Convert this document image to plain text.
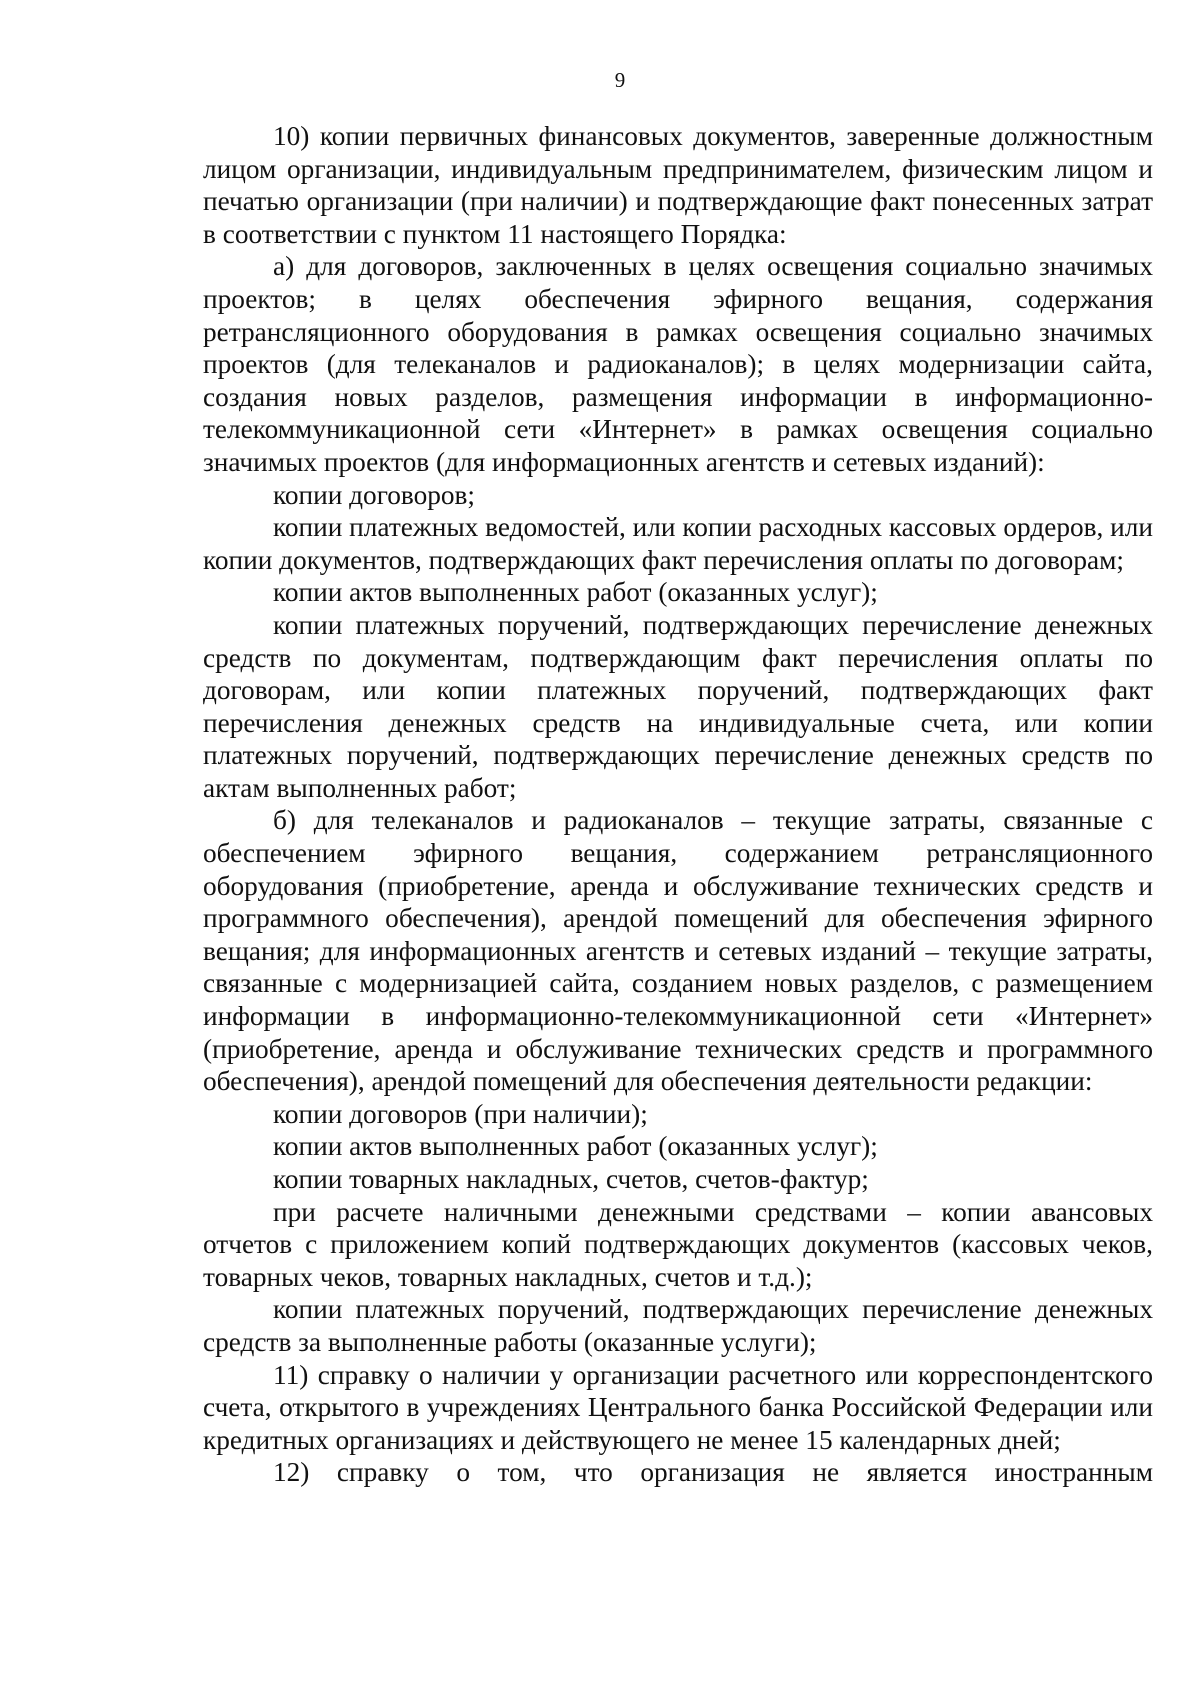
9

10) копии первичных финансовых документов, заверенные должностным лицом организации, индивидуальным предпринимателем, физическим лицом и печатью организации (при наличии) и подтверждающие факт понесенных затрат в соответствии с пунктом 11 настоящего Порядка:

а) для договоров, заключенных в целях освещения социально значимых проектов; в целях обеспечения эфирного вещания, содержания ретрансляционного оборудования в рамках освещения социально значимых проектов (для телеканалов и радиоканалов); в целях модернизации сайта, создания новых разделов, размещения информации в информационно-телекоммуникационной сети «Интернет» в рамках освещения социально значимых проектов (для информационных агентств и сетевых изданий):

копии договоров;

копии платежных ведомостей, или копии расходных кассовых ордеров, или копии документов, подтверждающих факт перечисления оплаты по договорам;

копии актов выполненных работ (оказанных услуг);

копии платежных поручений, подтверждающих перечисление денежных средств по документам, подтверждающим факт перечисления оплаты по договорам, или копии платежных поручений, подтверждающих факт перечисления денежных средств на индивидуальные счета, или копии платежных поручений, подтверждающих перечисление денежных средств по актам выполненных работ;

б) для телеканалов и радиоканалов – текущие затраты, связанные с обеспечением эфирного вещания, содержанием ретрансляционного оборудования (приобретение, аренда и обслуживание технических средств и программного обеспечения), арендой помещений для обеспечения эфирного вещания; для информационных агентств и сетевых изданий – текущие затраты, связанные с модернизацией сайта, созданием новых разделов, с размещением информации в информационно-телекоммуникационной сети «Интернет» (приобретение, аренда и обслуживание технических средств и программного обеспечения), арендой помещений для обеспечения деятельности редакции:

копии договоров (при наличии);

копии актов выполненных работ (оказанных услуг);

копии товарных накладных, счетов, счетов-фактур;

при расчете наличными денежными средствами – копии авансовых отчетов с приложением копий подтверждающих документов (кассовых чеков, товарных чеков, товарных накладных, счетов и т.д.);

копии платежных поручений, подтверждающих перечисление денежных средств за выполненные работы (оказанные услуги);

11) справку о наличии у организации расчетного или корреспондентского счета, открытого в учреждениях Центрального банка Российской Федерации или кредитных организациях и действующего не менее 15 календарных дней;

12) справку о том, что организация не является иностранным
